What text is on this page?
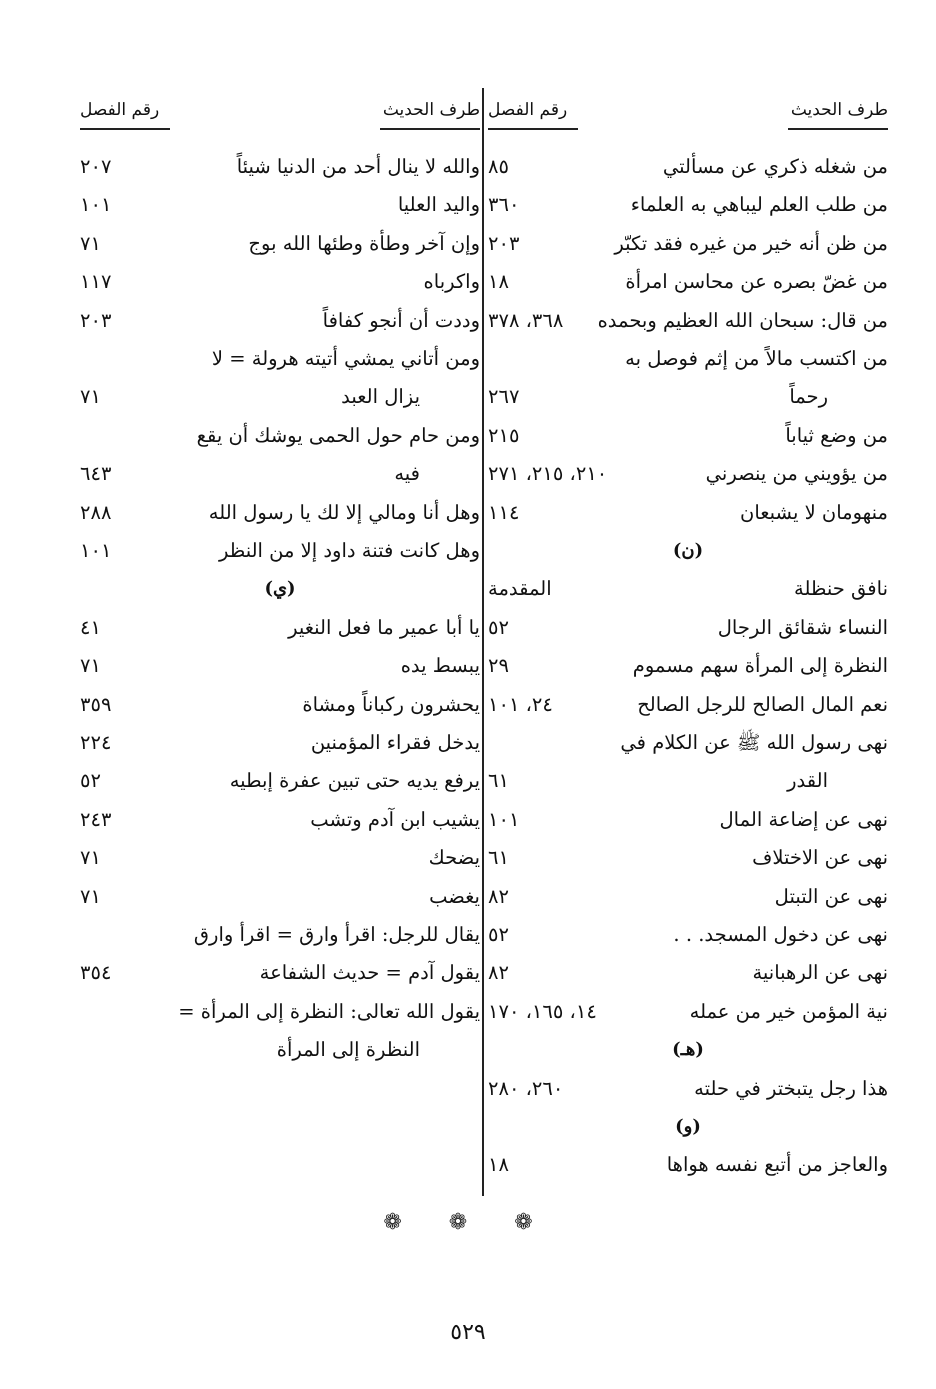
طرف الحديث
رقم الفصل
من شغله ذكري عن مسألتي
٨٥
من طلب العلم ليباهي به العلماء
٣٦٠
من ظن أنه خير من غيره فقد تكبّر
٢٠٣
من غضّ بصره عن محاسن امرأة
١٨
من قال: سبحان الله العظيم وبحمده
٣٦٨، ٣٧٨
من اكتسب مالاً من إثم فوصل به
رحماً
٢٦٧
من وضع ثياباً
٢١٥
من يؤويني من ينصرني
٢١٠، ٢١٥، ٢٧١
منهومان لا يشبعان
١١٤
(ن)
نافق حنظلة
المقدمة
النساء شقائق الرجال
٥٢
النظرة إلى المرأة سهم مسموم
٢٩
نعم المال الصالح للرجل الصالح
٢٤، ١٠١
نهى رسول الله ﷺ عن الكلام في
القدر
٦١
نهى عن إضاعة المال
١٠١
نهى عن الاختلاف
٦١
نهى عن التبتل
٨٢
نهى عن دخول المسجد. . .
٥٢
نهى عن الرهبانية
٨٢
نية المؤمن خير من عمله
١٤، ١٦٥، ١٧٠
(هـ)
هذا رجل يتبختر في حلته
٢٦٠، ٢٨٠
(و)
والعاجز من أتبع نفسه هواها
١٨
طرف الحديث
رقم الفصل
والله لا ينال أحد من الدنيا شيئاً
٢٠٧
واليد العليا
١٠١
وإن آخر وطأة وطئها الله بوج
٧١
واكرباه
١١٧
وددت أن أنجو كفافاً
٢٠٣
ومن أتاني يمشي أتيته هرولة = لا
يزال العبد
٧١
ومن حام حول الحمى يوشك أن يقع
فيه
٦٤٣
وهل أنا ومالي إلا لك يا رسول الله
٢٨٨
وهل كانت فتنة داود إلا من النظر
١٠١
(ي)
يا أبا عمير ما فعل النغير
٤١
يبسط يده
٧١
يحشرون ركباناً ومشاة
٣٥٩
يدخل فقراء المؤمنين
٢٢٤
يرفع يديه حتى تبين عفرة إبطيه
٥٢
يشيب ابن آدم وتشب
٢٤٣
يضحك
٧١
يغضب
٧١
يقال للرجل: اقرأ وارق = اقرأ وارق
يقول آدم = حديث الشفاعة
٣٥٤
يقول الله تعالى: النظرة إلى المرأة =
النظرة إلى المرأة
❁ ❁ ❁
٥٢٩
